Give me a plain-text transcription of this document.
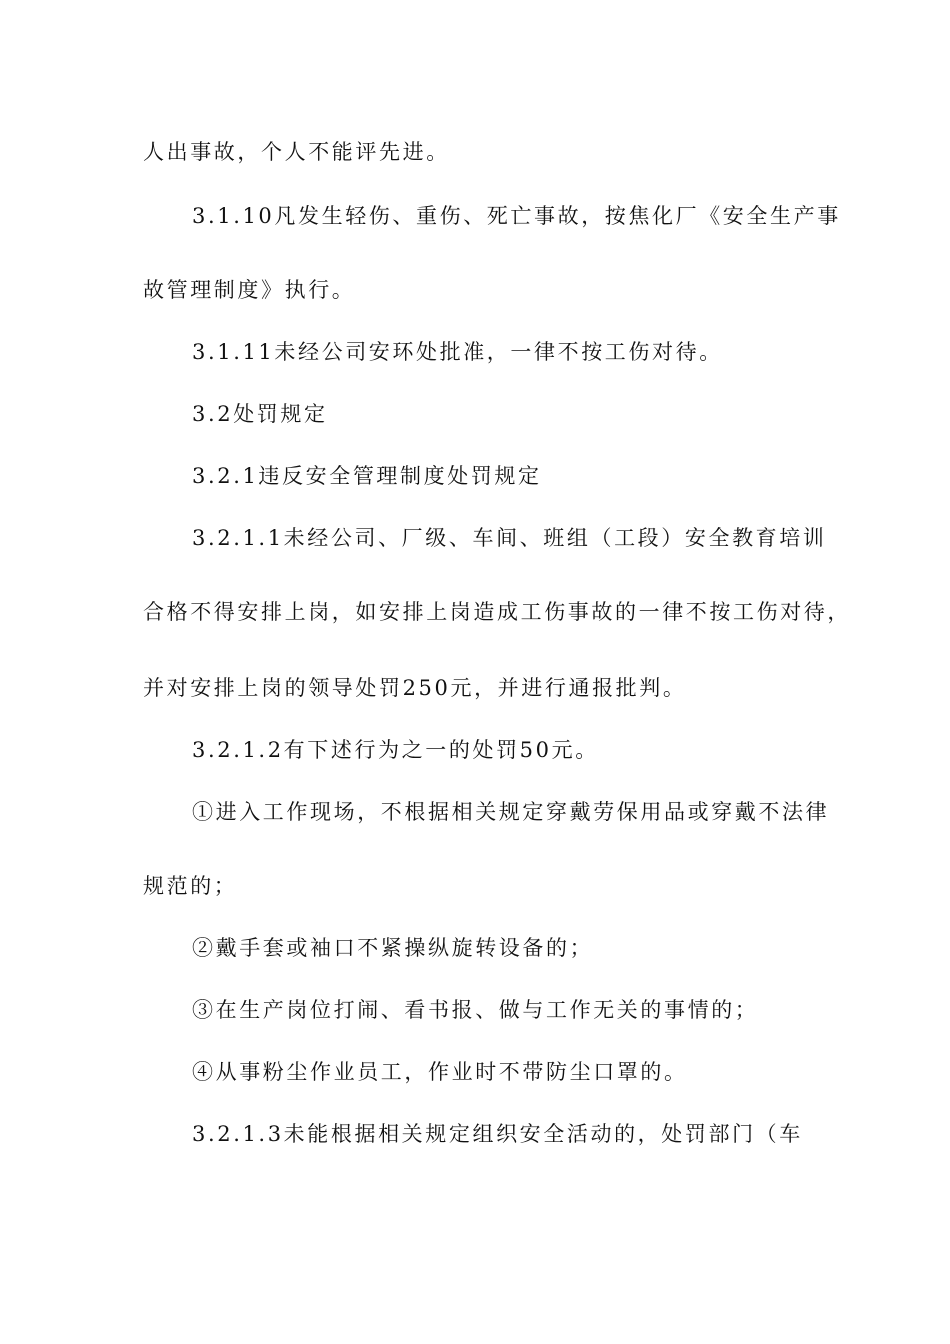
人出事故，个人不能评先进。
3.1.10凡发生轻伤、重伤、死亡事故，按焦化厂《安全生产事
故管理制度》执行。
3.1.11未经公司安环处批准，一律不按工伤对待。
3.2处罚规定
3.2.1违反安全管理制度处罚规定
3.2.1.1未经公司、厂级、车间、班组（工段）安全教育培训
合格不得安排上岗，如安排上岗造成工伤事故的一律不按工伤对待，
并对安排上岗的领导处罚250元，并进行通报批判。
3.2.1.2有下述行为之一的处罚50元。
①进入工作现场，不根据相关规定穿戴劳保用品或穿戴不法律
规范的；
②戴手套或袖口不紧操纵旋转设备的；
③在生产岗位打闹、看书报、做与工作无关的事情的；
④从事粉尘作业员工，作业时不带防尘口罩的。
3.2.1.3未能根据相关规定组织安全活动的，处罚部门（车
